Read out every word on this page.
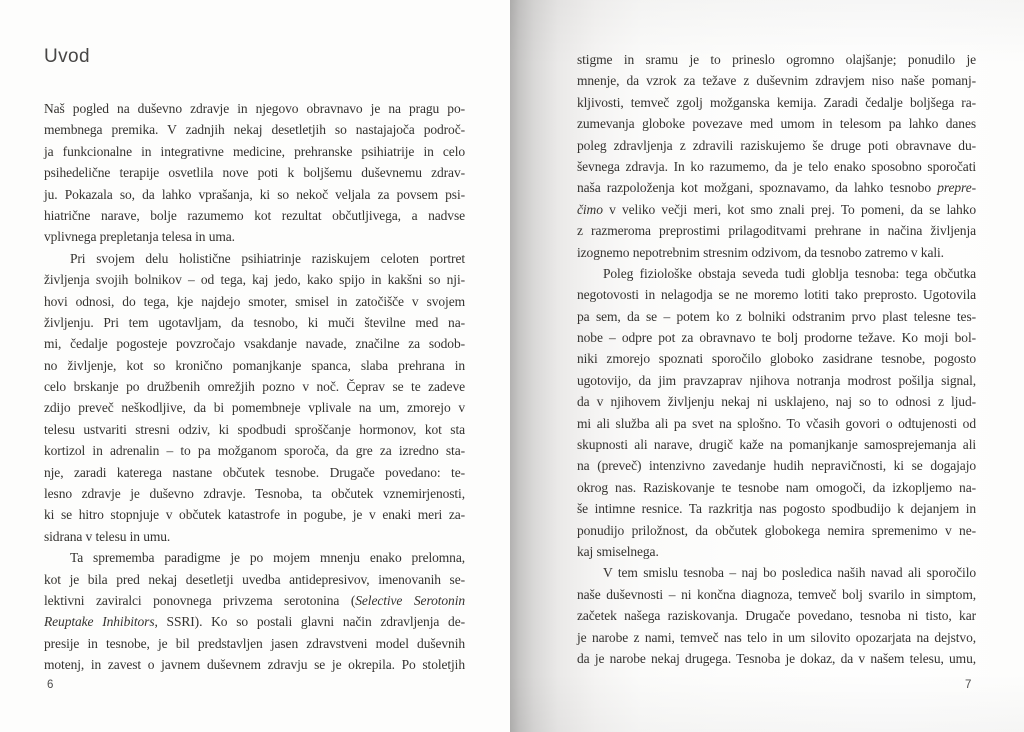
Uvod
Naš pogled na duševno zdravje in njegovo obravnavo je na pragu po-
membnega premika. V zadnjih nekaj desetletjih so nastajajoča področ-
ja funkcionalne in integrativne medicine, prehranske psihiatrije in celo
psihedelične terapije osvetlila nove poti k boljšemu duševnemu zdrav-
ju. Pokazala so, da lahko vprašanja, ki so nekoč veljala za povsem psi-
hiatrične narave, bolje razumemo kot rezultat občutljivega, a nadvse
vplivnega prepletanja telesa in uma.
Pri svojem delu holistične psihiatrinje raziskujem celoten portret
življenja svojih bolnikov – od tega, kaj jedo, kako spijo in kakšni so nji-
hovi odnosi, do tega, kje najdejo smoter, smisel in zatočišče v svojem
življenju. Pri tem ugotavljam, da tesnobo, ki muči številne med na-
mi, čedalje pogosteje povzročajo vsakdanje navade, značilne za sodob-
no življenje, kot so kronično pomanjkanje spanca, slaba prehrana in
celo brskanje po družbenih omrežjih pozno v noč. Čeprav se te zadeve
zdijo preveč neškodljive, da bi pomembneje vplivale na um, zmorejo v
telesu ustvariti stresni odziv, ki spodbudi sproščanje hormonov, kot sta
kortizol in adrenalin – to pa možganom sporoča, da gre za izredno sta-
nje, zaradi katerega nastane občutek tesnobe. Drugače povedano: te-
lesno zdravje je duševno zdravje. Tesnoba, ta občutek vznemirjenosti,
ki se hitro stopnjuje v občutek katastrofe in pogube, je v enaki meri za-
sidrana v telesu in umu.
Ta sprememba paradigme je po mojem mnenju enako prelomna,
kot je bila pred nekaj desetletji uvedba antidepresivov, imenovanih se-
lektivni zaviralci ponovnega privzema serotonina (Selective Serotonin
Reuptake Inhibitors, SSRI). Ko so postali glavni način zdravljenja de-
presije in tesnobe, je bil predstavljen jasen zdravstveni model duševnih
motenj, in zavest o javnem duševnem zdravju se je okrepila. Po stoletjih
6
stigme in sramu je to prineslo ogromno olajšanje; ponudilo je
mnenje, da vzrok za težave z duševnim zdravjem niso naše pomanj-
kljivosti, temveč zgolj možganska kemija. Zaradi čedalje boljšega ra-
zumevanja globoke povezave med umom in telesom pa lahko danes
poleg zdravljenja z zdravili raziskujemo še druge poti obravnave du-
ševnega zdravja. In ko razumemo, da je telo enako sposobno sporočati
naša razpoloženja kot možgani, spoznavamo, da lahko tesnobo prepre-
čimo v veliko večji meri, kot smo znali prej. To pomeni, da se lahko
z razmeroma preprostimi prilagoditvami prehrane in načina življenja
izognemo nepotrebnim stresnim odzivom, da tesnobo zatremo v kali.
Poleg fiziološke obstaja seveda tudi globlja tesnoba: tega občutka
negotovosti in nelagodja se ne moremo lotiti tako preprosto. Ugotovila
pa sem, da se – potem ko z bolniki odstranim prvo plast telesne tes-
nobe – odpre pot za obravnavo te bolj prodorne težave. Ko moji bol-
niki zmorejo spoznati sporočilo globoko zasidrane tesnobe, pogosto
ugotovijo, da jim pravzaprav njihova notranja modrost pošilja signal,
da v njihovem življenju nekaj ni usklajeno, naj so to odnosi z ljud-
mi ali služba ali pa svet na splošno. To včasih govori o odtujenosti od
skupnosti ali narave, drugič kaže na pomanjkanje samosprejemanja ali
na (preveč) intenzivno zavedanje hudih nepravičnosti, ki se dogajajo
okrog nas. Raziskovanje te tesnobe nam omogoči, da izkopljemo na-
še intimne resnice. Ta razkritja nas pogosto spodbudijo k dejanjem in
ponudijo priložnost, da občutek globokega nemira spremenimo v ne-
kaj smiselnega.
V tem smislu tesnoba – naj bo posledica naših navad ali sporočilo
naše duševnosti – ni končna diagnoza, temveč bolj svarilo in simptom,
začetek našega raziskovanja. Drugače povedano, tesnoba ni tisto, kar
je narobe z nami, temveč nas telo in um silovito opozarjata na dejstvo,
da je narobe nekaj drugega. Tesnoba je dokaz, da v našem telesu, umu,
7
